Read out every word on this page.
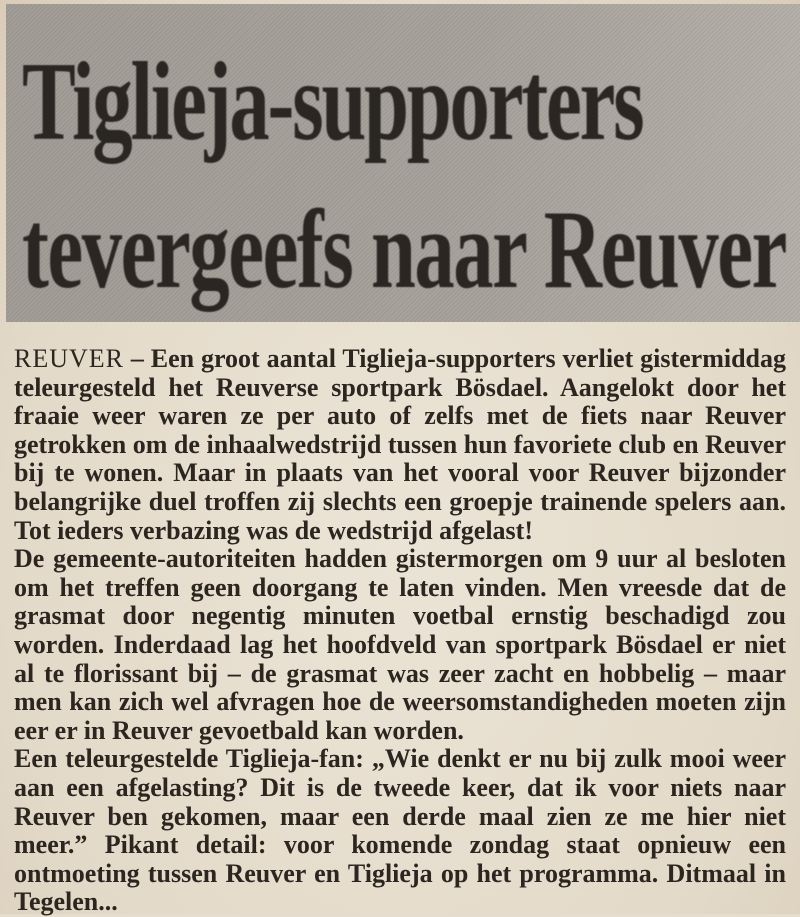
Tiglieja-supporters
tevergeefs naar Reuver

REUVER – Een groot aantal Tiglieja-supporters verliet gistermiddag teleurgesteld het Reuverse sportpark Bösdael. Aangelokt door het fraaie weer waren ze per auto of zelfs met de fiets naar Reuver getrokken om de inhaalwedstrijd tussen hun favoriete club en Reuver bij te wonen. Maar in plaats van het vooral voor Reuver bijzonder belangrijke duel troffen zij slechts een groepje trainende spelers aan. Tot ieders verbazing was de wedstrijd afgelast!

De gemeente-autoriteiten hadden gistermorgen om 9 uur al besloten om het treffen geen doorgang te laten vinden. Men vreesde dat de grasmat door negentig minuten voetbal ernstig beschadigd zou worden. Inderdaad lag het hoofdveld van sportpark Bösdael er niet al te florissant bij – de grasmat was zeer zacht en hobbelig – maar men kan zich wel afvragen hoe de weersomstandigheden moeten zijn eer er in Reuver gevoetbald kan worden.

Een teleurgestelde Tiglieja-fan: „Wie denkt er nu bij zulk mooi weer aan een afgelasting? Dit is de tweede keer, dat ik voor niets naar Reuver ben gekomen, maar een derde maal zien ze me hier niet meer.” Pikant detail: voor komende zondag staat opnieuw een ontmoeting tussen Reuver en Tiglieja op het programma. Ditmaal in Tegelen...
